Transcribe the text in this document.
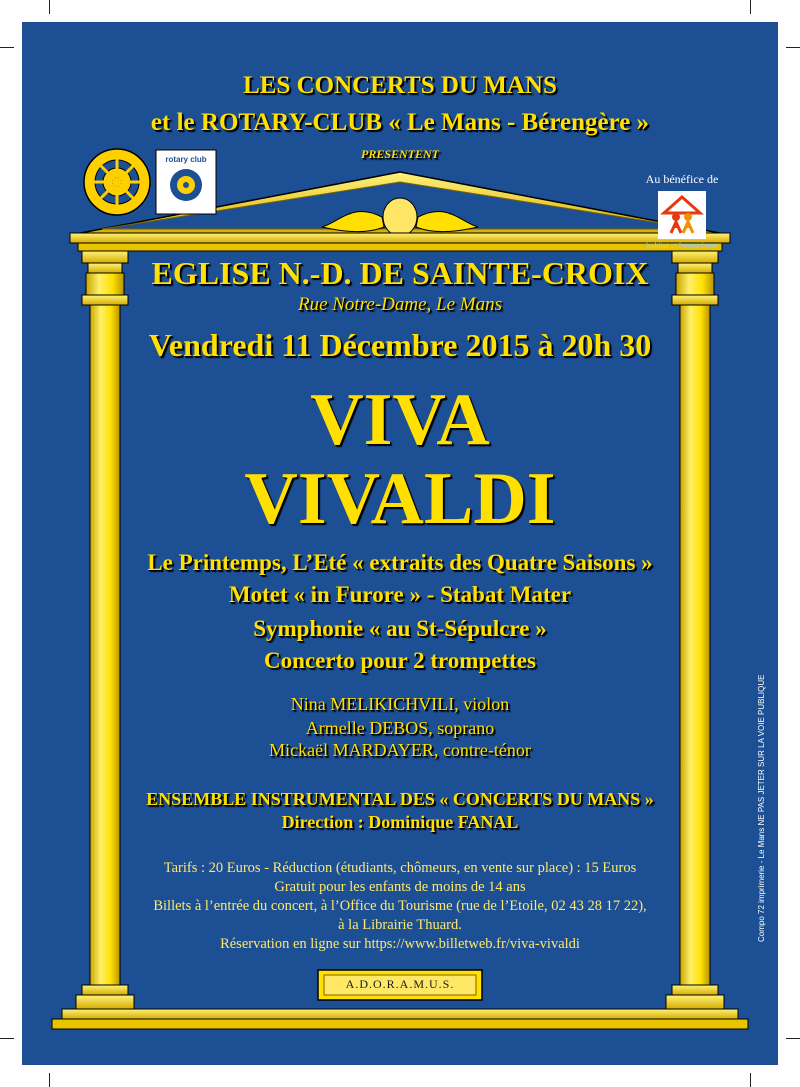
rotary club
LES CONCERTS DU MANS
et le ROTARY-CLUB « Le Mans - Bérengère »
PRESENTENT
Au bénéfice de
habitat et humanisme
EGLISE N.-D. DE SAINTE-CROIX
Rue Notre-Dame, Le Mans
Vendredi 11 Décembre 2015 à 20h 30
VIVA
VIVALDI
Le Printemps, L’Eté « extraits des Quatre Saisons »
Motet « in Furore » - Stabat Mater
Symphonie « au St-Sépulcre »
Concerto pour 2 trompettes
Nina MELIKICHVILI, violon
Armelle DEBOS, soprano
Mickaël MARDAYER, contre-ténor
ENSEMBLE INSTRUMENTAL DES « CONCERTS DU MANS »
Direction : Dominique FANAL
Tarifs : 20 Euros - Réduction (étudiants, chômeurs, en vente sur place) : 15 Euros
Gratuit pour les enfants de moins de 14 ans
Billets à l’entrée du concert, à l’Office du Tourisme (rue de l’Etoile, 02 43 28 17 22),
à la Librairie Thuard.
Réservation en ligne sur https://www.billetweb.fr/viva-vivaldi
A.D.O.R.A.M.U.S.
Compo 72 imprimerie - Le Mans NE PAS JETER SUR LA VOIE PUBLIQUE
